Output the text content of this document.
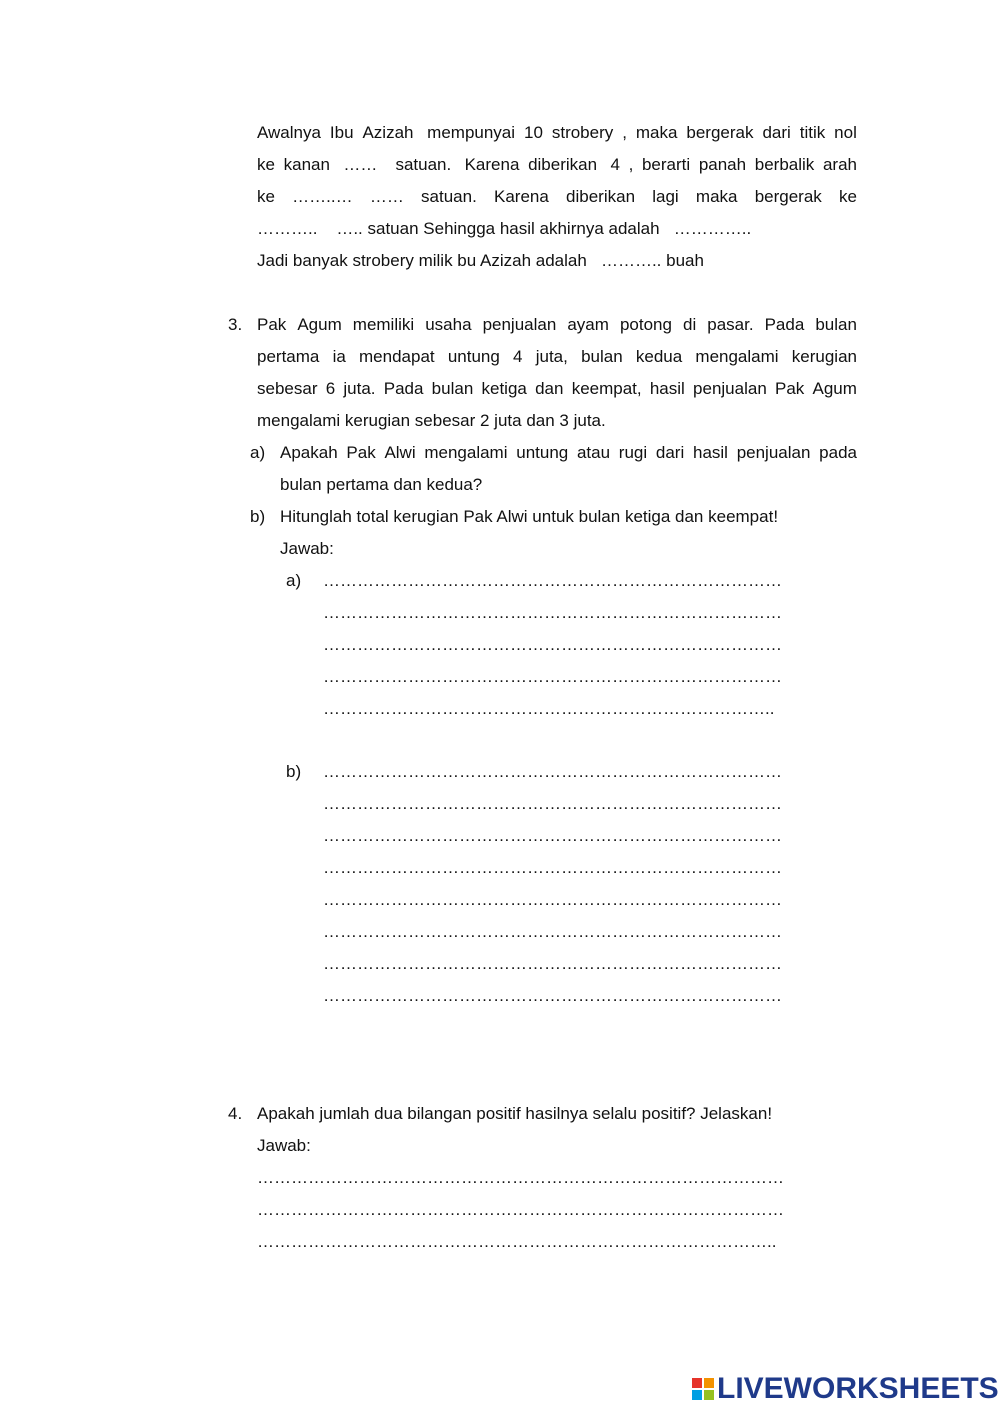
Awalnya Ibu Azizah mempunyai 10 strobery , maka bergerak dari titik nol
ke kanan …… satuan. Karena diberikan 4 , berarti panah berbalik arah
ke ……..… …… satuan. Karena diberikan lagi maka bergerak ke
………..    ….. satuan Sehingga hasil akhirnya adalah   …………..
Jadi banyak strobery milik bu Azizah adalah   ……….. buah
3. Pak Agum memiliki usaha penjualan ayam potong di pasar. Pada bulan
pertama ia mendapat untung 4 juta, bulan kedua mengalami kerugian
sebesar 6 juta. Pada bulan ketiga dan keempat, hasil penjualan Pak Agum
mengalami kerugian sebesar 2 juta dan 3 juta.
a) Apakah Pak Alwi mengalami untung atau rugi dari hasil penjualan pada
bulan pertama dan kedua?
b) Hitunglah total kerugian Pak Alwi untuk bulan ketiga dan keempat!
Jawab:
a) ………………………………………………………………………
………………………………………………………………………
………………………………………………………………………
………………………………………………………………………
……………………………………………………………………..
b) ………………………………………………………………………
………………………………………………………………………
………………………………………………………………………
………………………………………………………………………
………………………………………………………………………
………………………………………………………………………
………………………………………………………………………
………………………………………………………………………
4. Apakah jumlah dua bilangan positif hasilnya selalu positif? Jelaskan!
Jawab:
…………………………………………………………………………………
…………………………………………………………………………………
………………………………………………………………………………..
LIVEWORKSHEETS
